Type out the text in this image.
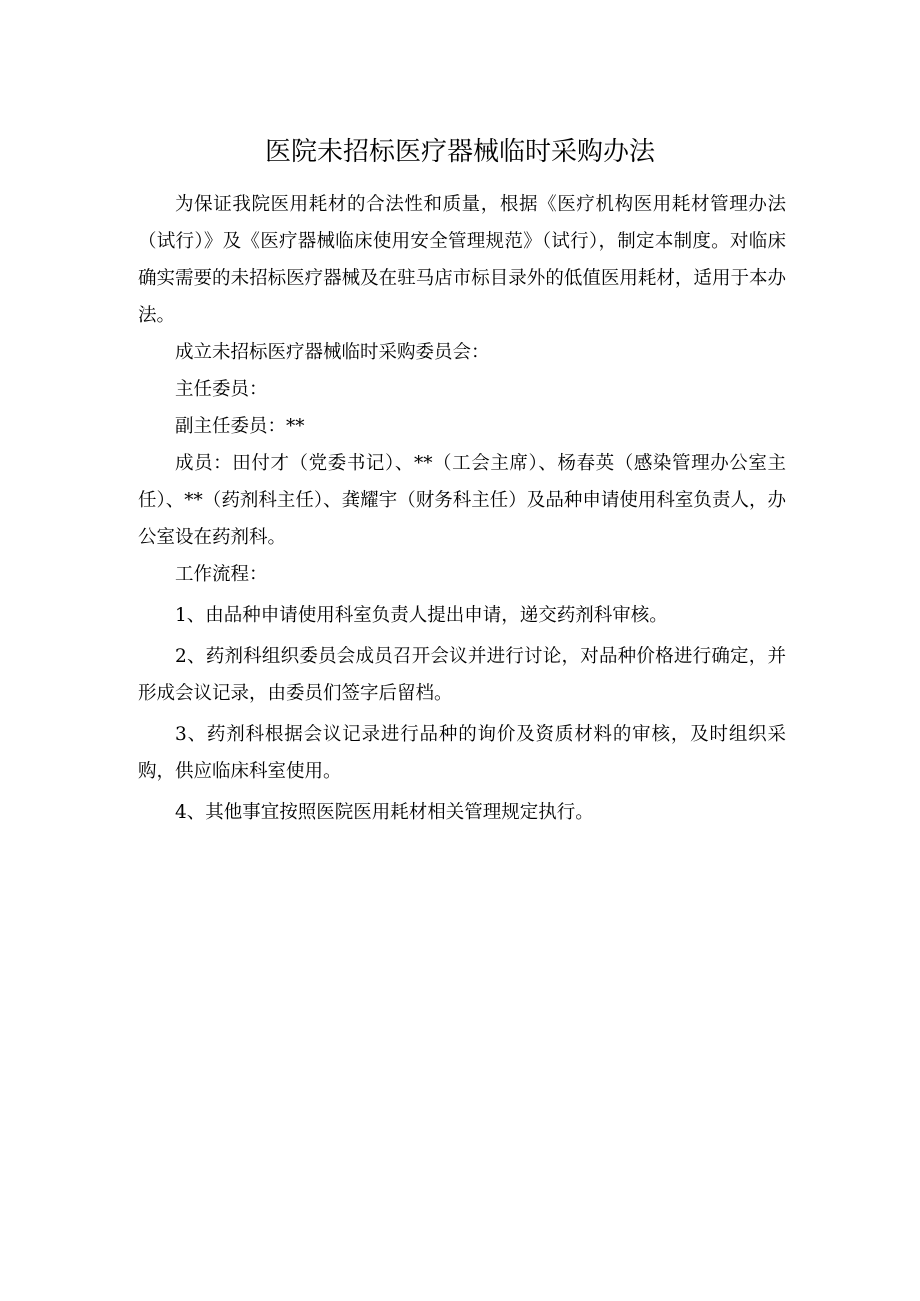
医院未招标医疗器械临时采购办法

为保证我院医用耗材的合法性和质量，根据《医疗机构医用耗材管理办法（试行）》及《医疗器械临床使用安全管理规范》（试行），制定本制度。对临床确实需要的未招标医疗器械及在驻马店市标目录外的低值医用耗材，适用于本办法。

成立未招标医疗器械临时采购委员会：

主任委员：

副主任委员：**

成员：田付才（党委书记）、**（工会主席）、杨春英（感染管理办公室主任）、**（药剂科主任）、龚耀宇（财务科主任）及品种申请使用科室负责人，办公室设在药剂科。

工作流程：

1、由品种申请使用科室负责人提出申请，递交药剂科审核。

2、药剂科组织委员会成员召开会议并进行讨论，对品种价格进行确定，并形成会议记录，由委员们签字后留档。

3、药剂科根据会议记录进行品种的询价及资质材料的审核，及时组织采购，供应临床科室使用。

4、其他事宜按照医院医用耗材相关管理规定执行。
